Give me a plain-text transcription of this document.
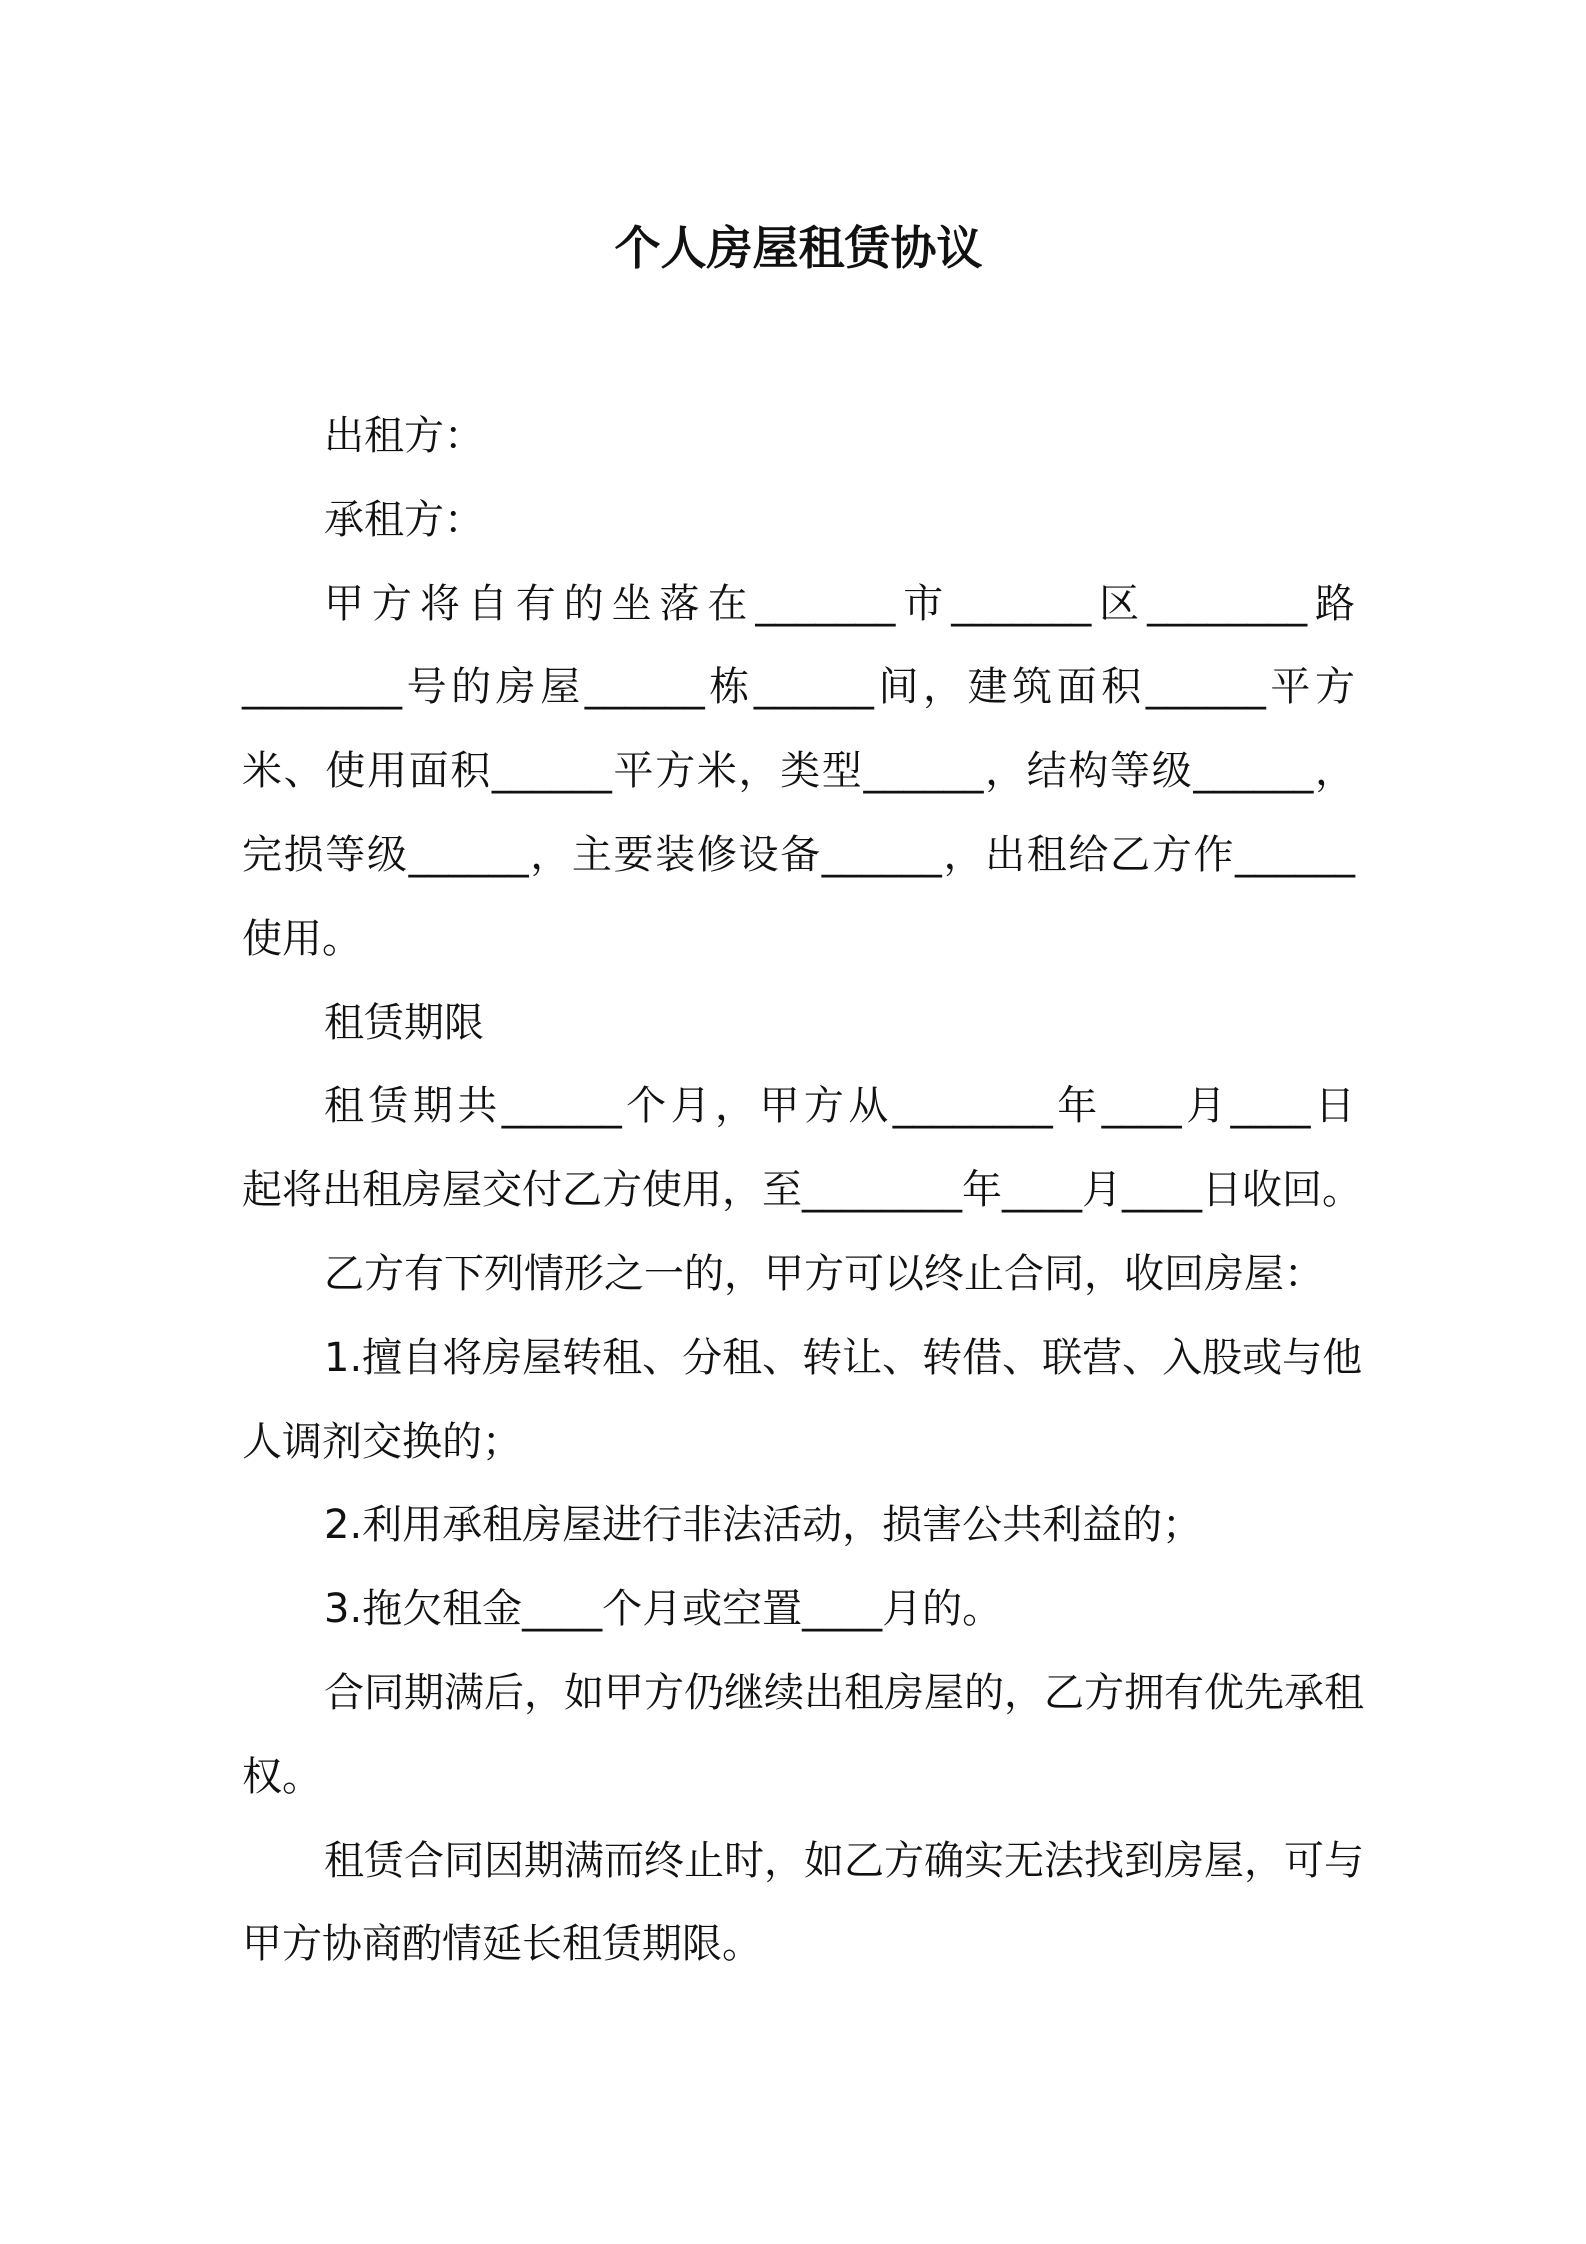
个人房屋租赁协议
出租方：
承租方：
甲方将自有的坐落在_______市_______区________路
________号的房屋______栋______间，建筑面积______平方
米、使用面积______平方米，类型______，结构等级______，
完损等级______，主要装修设备______，出租给乙方作______
使用。
租赁期限
租赁期共______个月，甲方从________年____月____日
起将出租房屋交付乙方使用，至________年____月____日收回。
乙方有下列情形之一的，甲方可以终止合同，收回房屋：
1.擅自将房屋转租、分租、转让、转借、联营、入股或与他
人调剂交换的；
2.利用承租房屋进行非法活动，损害公共利益的；
3.拖欠租金____个月或空置____月的。
合同期满后，如甲方仍继续出租房屋的，乙方拥有优先承租
权。
租赁合同因期满而终止时，如乙方确实无法找到房屋，可与
甲方协商酌情延长租赁期限。
